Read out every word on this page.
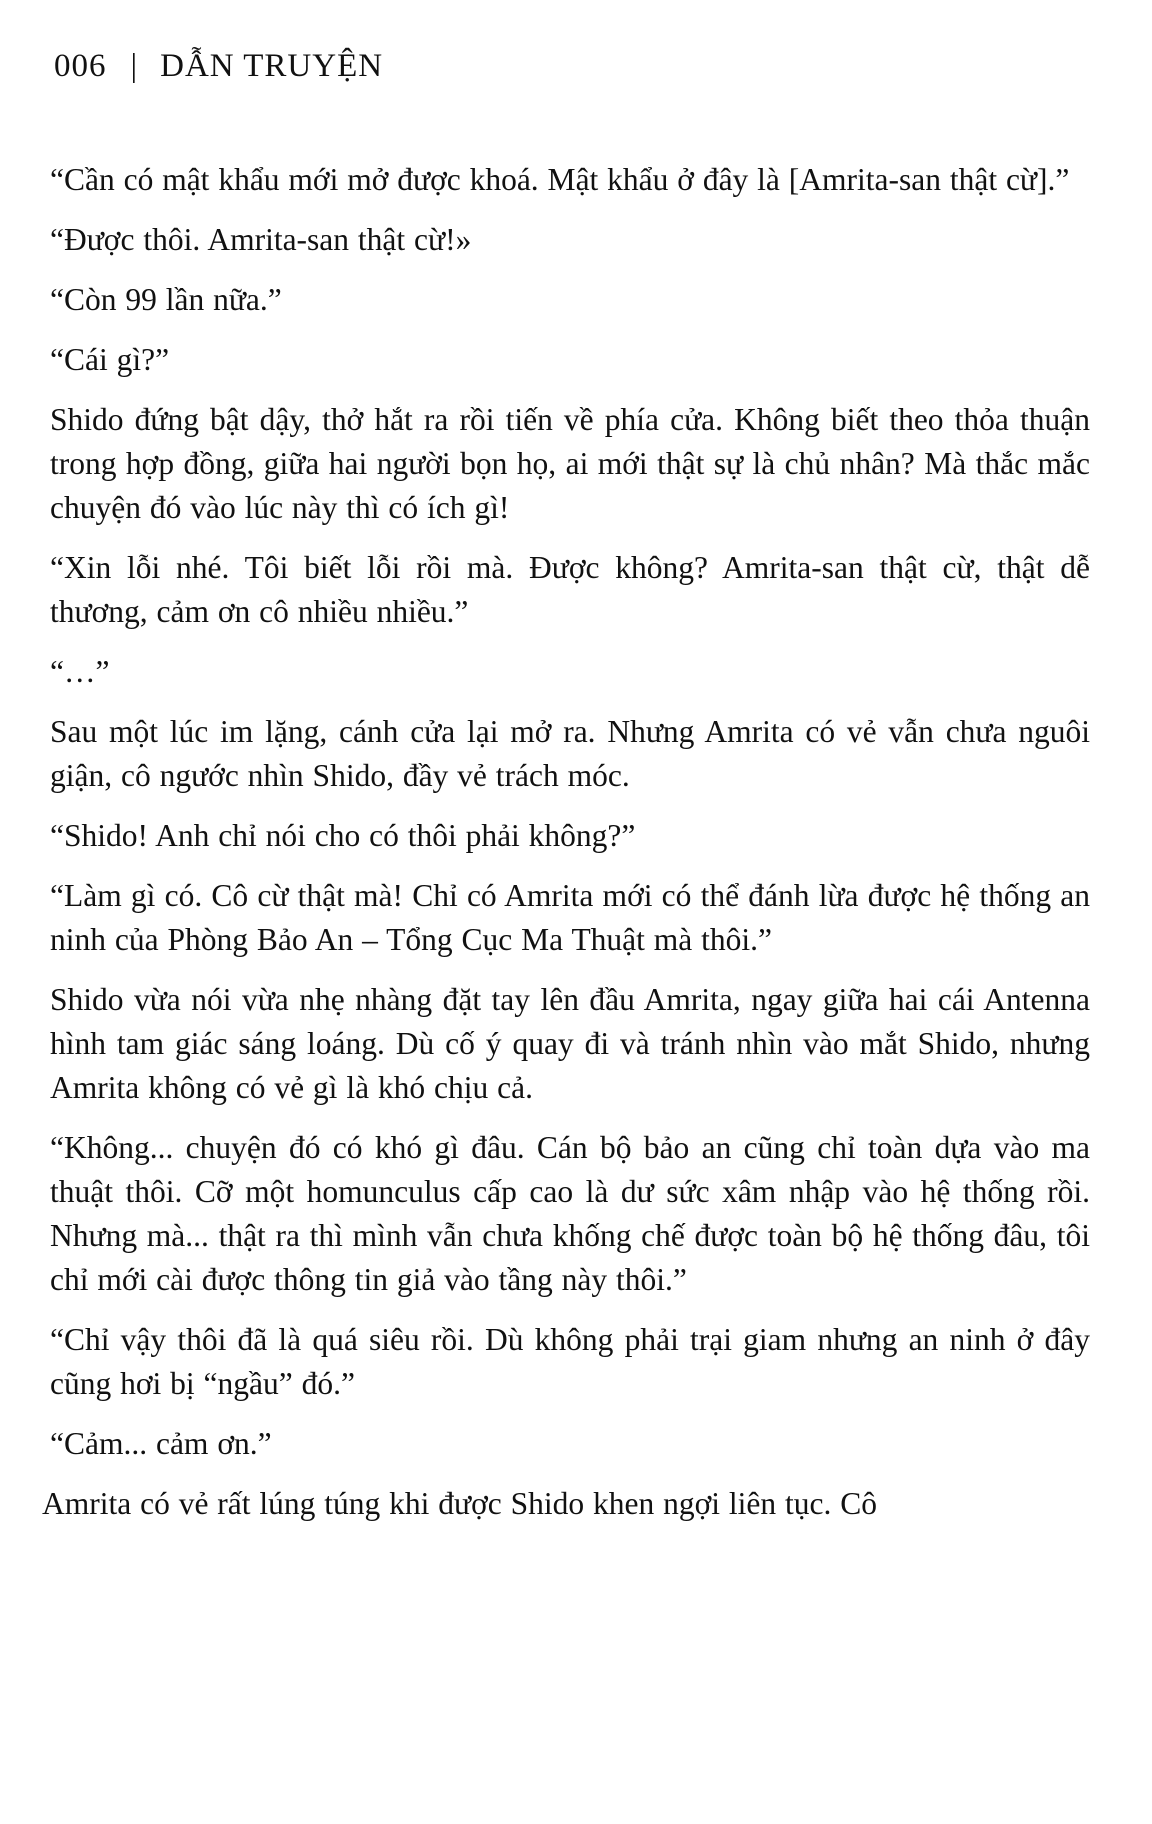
006 | DẪN TRUYỆN

“Cần có mật khẩu mới mở được khoá. Mật khẩu ở đây là [Amrita-san thật cừ].”

“Được thôi. Amrita-san thật cừ!»

“Còn 99 lần nữa.”

“Cái gì?”

Shido đứng bật dậy, thở hắt ra rồi tiến về phía cửa. Không biết theo thỏa thuận trong hợp đồng, giữa hai người bọn họ, ai mới thật sự là chủ nhân? Mà thắc mắc chuyện đó vào lúc này thì có ích gì!

“Xin lỗi nhé. Tôi biết lỗi rồi mà. Được không? Amrita-san thật cừ, thật dễ thương, cảm ơn cô nhiều nhiều.”

“…”

Sau một lúc im lặng, cánh cửa lại mở ra. Nhưng Amrita có vẻ vẫn chưa nguôi giận, cô ngước nhìn Shido, đầy vẻ trách móc.

“Shido! Anh chỉ nói cho có thôi phải không?”

“Làm gì có. Cô cừ thật mà! Chỉ có Amrita mới có thể đánh lừa được hệ thống an ninh của Phòng Bảo An – Tổng Cục Ma Thuật mà thôi.”

Shido vừa nói vừa nhẹ nhàng đặt tay lên đầu Amrita, ngay giữa hai cái Antenna hình tam giác sáng loáng. Dù cố ý quay đi và tránh nhìn vào mắt Shido, nhưng Amrita không có vẻ gì là khó chịu cả.

“Không... chuyện đó có khó gì đâu. Cán bộ bảo an cũng chỉ toàn dựa vào ma thuật thôi. Cỡ một homunculus cấp cao là dư sức xâm nhập vào hệ thống rồi. Nhưng mà... thật ra thì mình vẫn chưa khống chế được toàn bộ hệ thống đâu, tôi chỉ mới cài được thông tin giả vào tầng này thôi.”

“Chỉ vậy thôi đã là quá siêu rồi. Dù không phải trại giam nhưng an ninh ở đây cũng hơi bị “ngầu” đó.”

“Cảm... cảm ơn.”

Amrita có vẻ rất lúng túng khi được Shido khen ngợi liên tục. Cô
